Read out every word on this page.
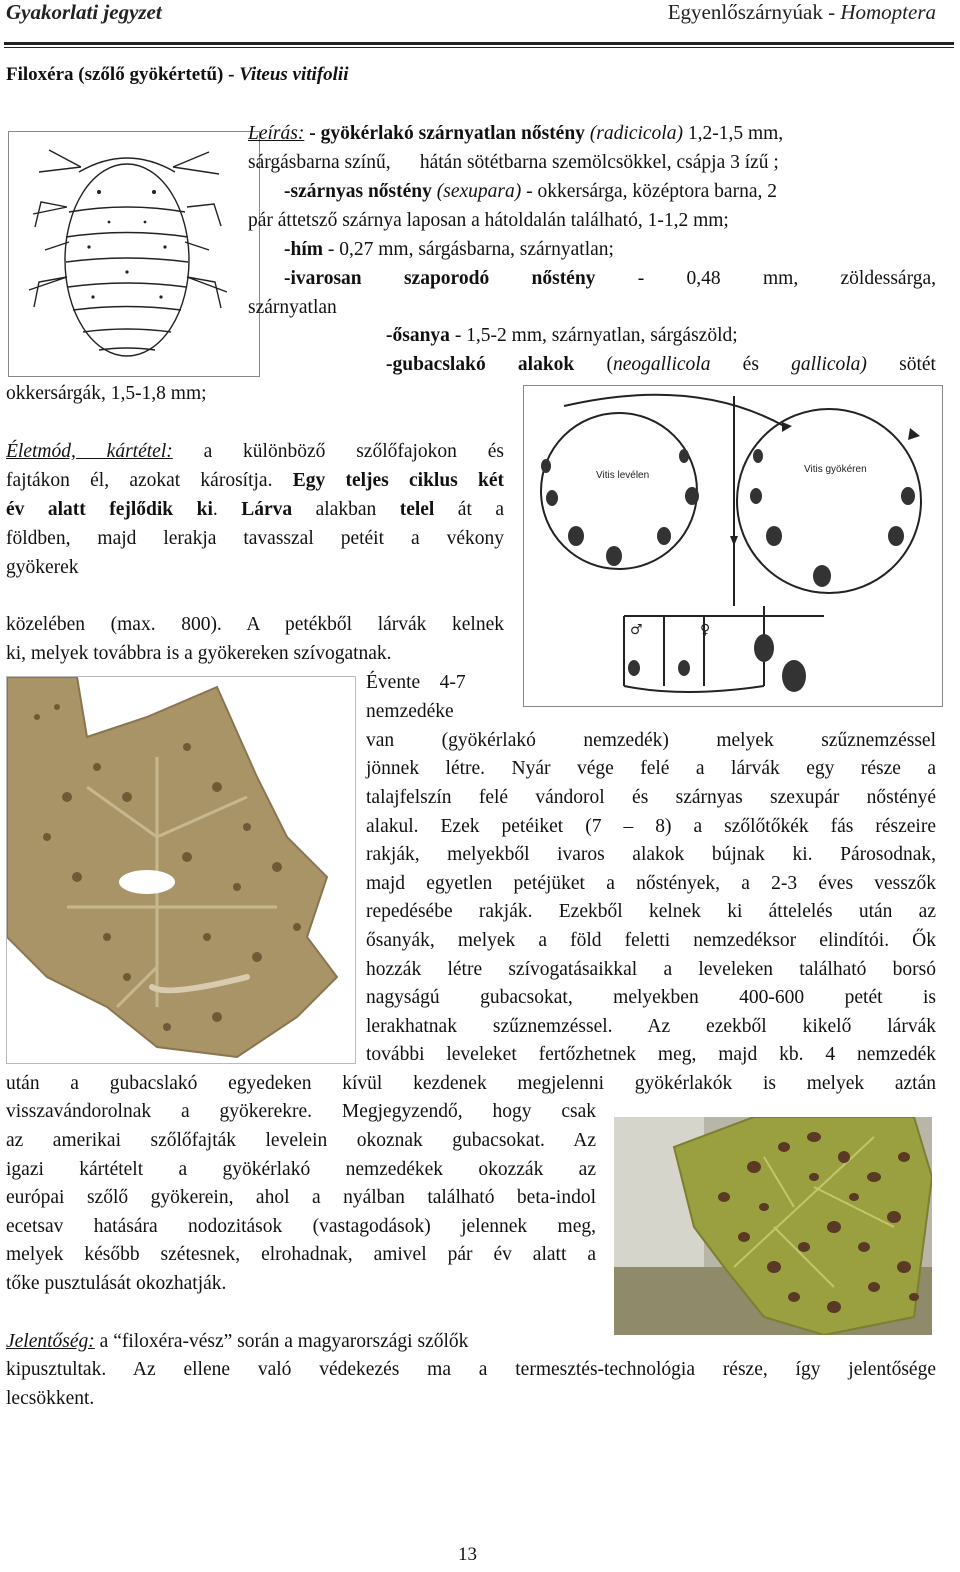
Gyakorlati jegyzet	Egyenlőszárnyúak - Homoptera
Filoxéra (szőlő gyökértetű) - Viteus vitifolii
Leírás: - gyökérlakó szárnyatlan nőstény (radicicola) 1,2-1,5 mm,
sárgásbarna színű,      hátán sötétbarna szemölcsökkel, csápja 3 ízű ;
-szárnyas nőstény (sexupara) - okkersárga, középtora barna, 2
pár áttetsző szárnya laposan a hátoldalán található, 1-1,2 mm;
-hím - 0,27 mm, sárgásbarna, szárnyatlan;
-ivarosan szaporodó nőstény - 0,48 mm, zöldessárga,
szárnyatlan
-ősanya - 1,5-2 mm, szárnyatlan, sárgászöld;
-gubacslakó alakok (neogallicola és gallicola) sötét
okkersárgák, 1,5-1,8 mm;
Vitis levélen
Vitis gyökéren
♂	♀
Életmód, kártétel: a különböző szőlőfajokon és
fajtákon él, azokat károsítja. Egy teljes ciklus két
év alatt fejlődik ki. Lárva alakban telel át a
földben, majd lerakja tavasszal petéit a vékony
gyökerek
közelében (max. 800). A petékből lárvák kelnek
ki, melyek továbbra is a gyökereken szívogatnak.
Évente    4-7
nemzedéke
van (gyökérlakó nemzedék) melyek szűznemzéssel
jönnek létre. Nyár vége felé a lárvák egy része a
talajfelszín felé vándorol és szárnyas szexupár nőstényé
alakul. Ezek petéiket (7 – 8) a szőlőtőkék fás részeire
rakják, melyekből ivaros alakok bújnak ki. Párosodnak,
majd egyetlen petéjüket a nőstények, a 2-3 éves vesszők
repedésébe rakják. Ezekből kelnek ki áttelelés után az
ősanyák, melyek a föld feletti nemzedéksor elindítói. Ők
hozzák létre szívogatásaikkal a leveleken található borsó
nagyságú gubacsokat, melyekben 400-600 petét is
lerakhatnak szűznemzéssel. Az ezekből kikelő lárvák
további leveleket fertőzhetnek meg, majd kb. 4 nemzedék
után a gubacslakó egyedeken kívül kezdenek megjelenni gyökérlakók is melyek aztán
visszavándorolnak a gyökerekre. Megjegyzendő, hogy csak
az amerikai szőlőfajták levelein okoznak gubacsokat. Az
igazi kártételt a gyökérlakó nemzedékek okozzák az
európai szőlő gyökerein, ahol a nyálban található beta-indol
ecetsav hatására nodozitások (vastagodások) jelennek meg,
melyek később szétesnek, elrohadnak, amivel pár év alatt a
tőke pusztulását okozhatják.
Jelentőség: a “filoxéra-vész” során a magyarországi szőlők
kipusztultak. Az ellene való védekezés ma a termesztés-technológia része, így jelentősége
lecsökkent.
13
